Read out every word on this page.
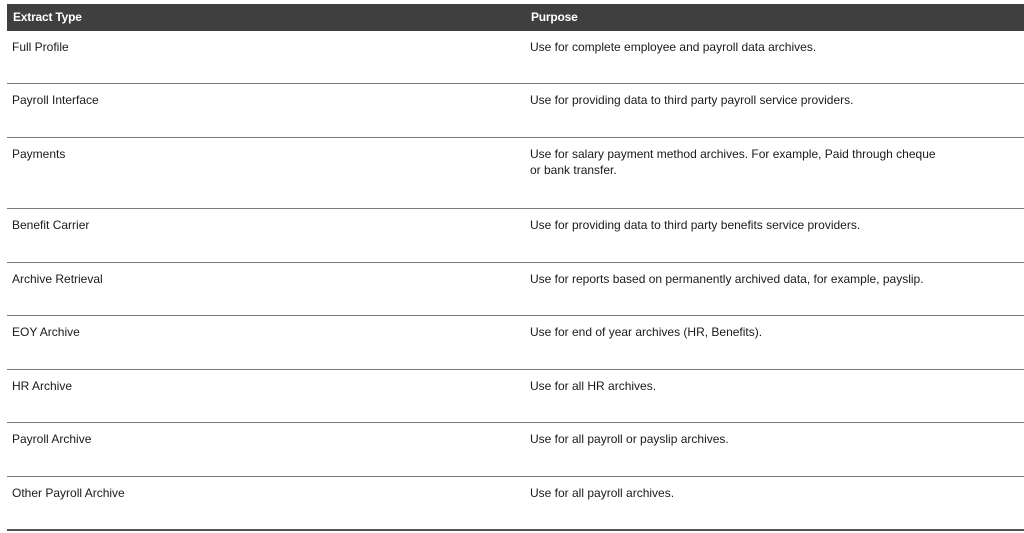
Extract Type	Purpose
Full Profile	Use for complete employee and payroll data archives.
Payroll Interface	Use for providing data to third party payroll service providers.
Payments	Use for salary payment method archives. For example, Paid through cheque or bank transfer.
Benefit Carrier	Use for providing data to third party benefits service providers.
Archive Retrieval	Use for reports based on permanently archived data, for example, payslip.
EOY Archive	Use for end of year archives (HR, Benefits).
HR Archive	Use for all HR archives.
Payroll Archive	Use for all payroll or payslip archives.
Other Payroll Archive	Use for all payroll archives.
